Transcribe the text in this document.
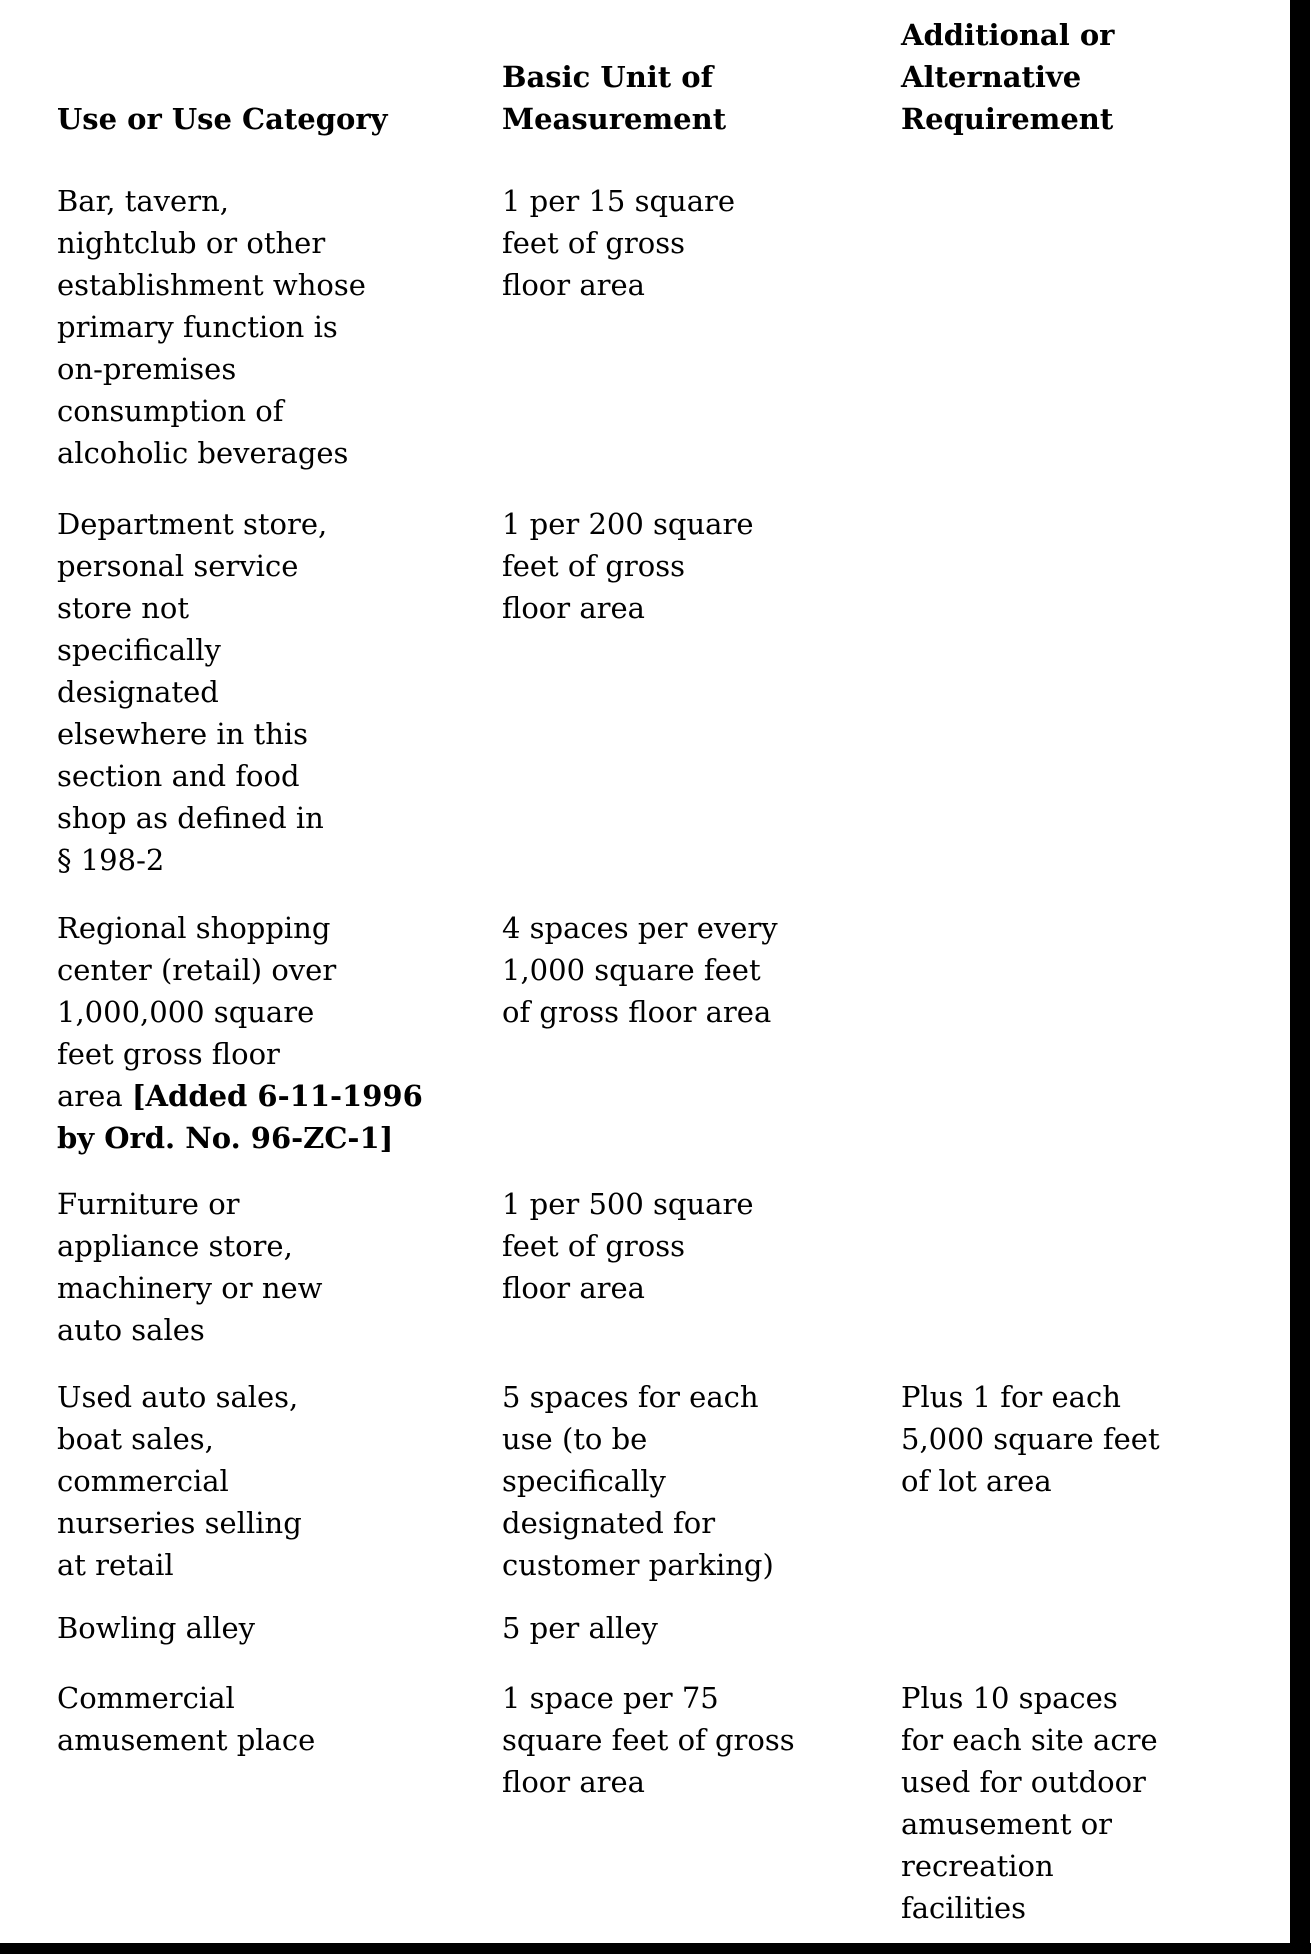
Use or Use Category
Basic Unit of
Measurement
Additional or
Alternative
Requirement
Bar, tavern,
nightclub or other
establishment whose
primary function is
on-premises
consumption of
alcoholic beverages
1 per 15 square
feet of gross
floor area
Department store,
personal service
store not
specifically
designated
elsewhere in this
section and food
shop as defined in
§ 198-2
1 per 200 square
feet of gross
floor area
Regional shopping
center (retail) over
1,000,000 square
feet gross floor
area [Added 6-11-1996
by Ord. No. 96-ZC-1]
4 spaces per every
1,000 square feet
of gross floor area
Furniture or
appliance store,
machinery or new
auto sales
1 per 500 square
feet of gross
floor area
Used auto sales,
boat sales,
commercial
nurseries selling
at retail
5 spaces for each
use (to be
specifically
designated for
customer parking)
Plus 1 for each
5,000 square feet
of lot area
Bowling alley	5 per alley
Commercial
amusement place
1 space per 75
square feet of gross
floor area
Plus 10 spaces
for each site acre
used for outdoor
amusement or
recreation
facilities
